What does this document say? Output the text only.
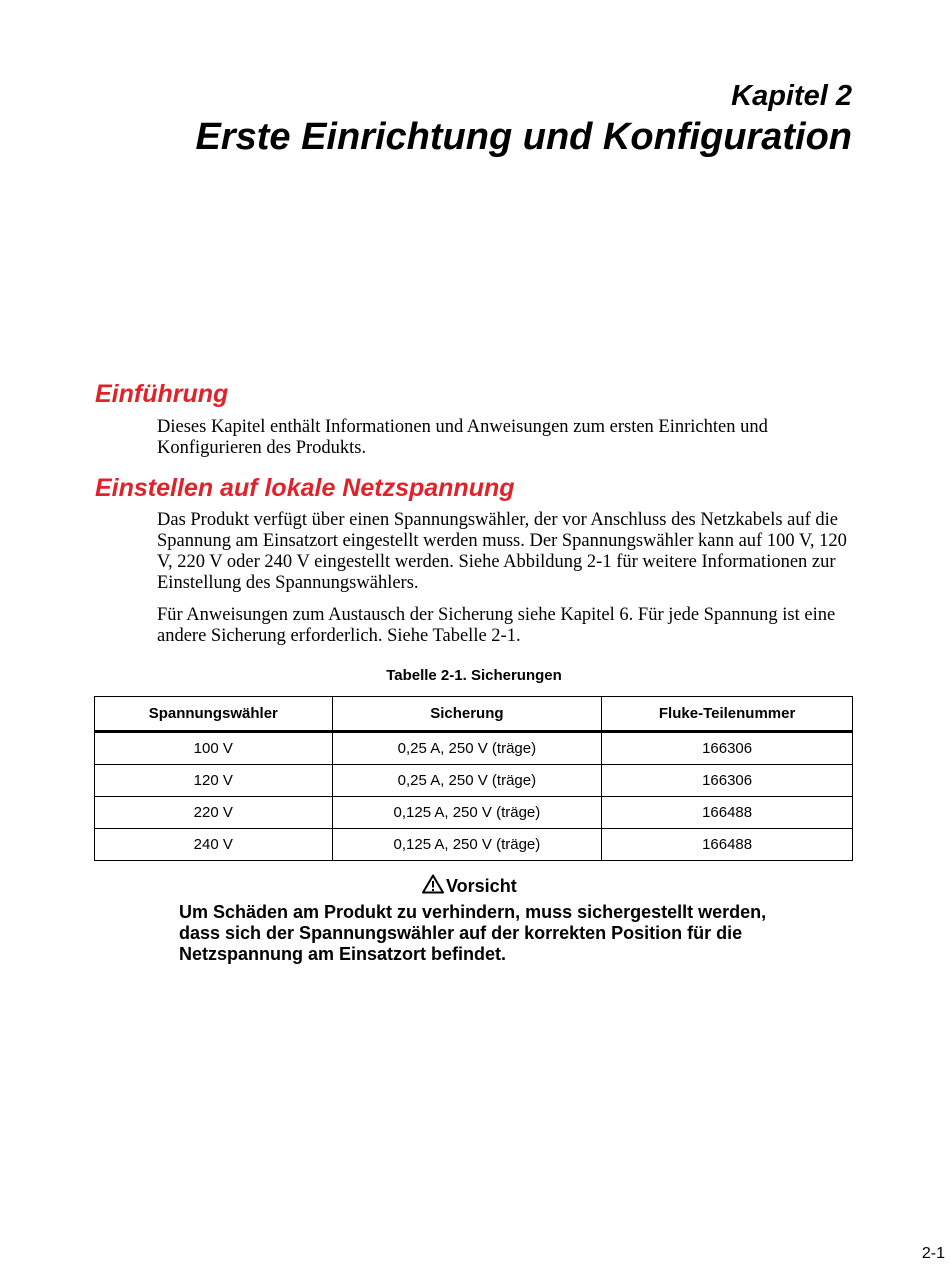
Kapitel 2
Erste Einrichtung und Konfiguration
Einführung

Dieses Kapitel enthält Informationen und Anweisungen zum ersten Einrichten und Konfigurieren des Produkts.

Einstellen auf lokale Netzspannung

Das Produkt verfügt über einen Spannungswähler, der vor Anschluss des Netzkabels auf die Spannung am Einsatzort eingestellt werden muss. Der Spannungswähler kann auf 100 V, 120 V, 220 V oder 240 V eingestellt werden. Siehe Abbildung 2-1 für weitere Informationen zur Einstellung des Spannungswählers.

Für Anweisungen zum Austausch der Sicherung siehe Kapitel 6. Für jede Spannung ist eine andere Sicherung erforderlich. Siehe Tabelle 2-1.

Tabelle 2-1. Sicherungen

Spannungswähler	Sicherung	Fluke-Teilenummer
100 V	0,25 A, 250 V (träge)	166306
120 V	0,25 A, 250 V (träge)	166306
220 V	0,125 A, 250 V (träge)	166488
240 V	0,125 A, 250 V (träge)	166488
Vorsicht

Um Schäden am Produkt zu verhindern, muss sichergestellt werden, dass sich der Spannungswähler auf der korrekten Position für die Netzspannung am Einsatzort befindet.

2-1
